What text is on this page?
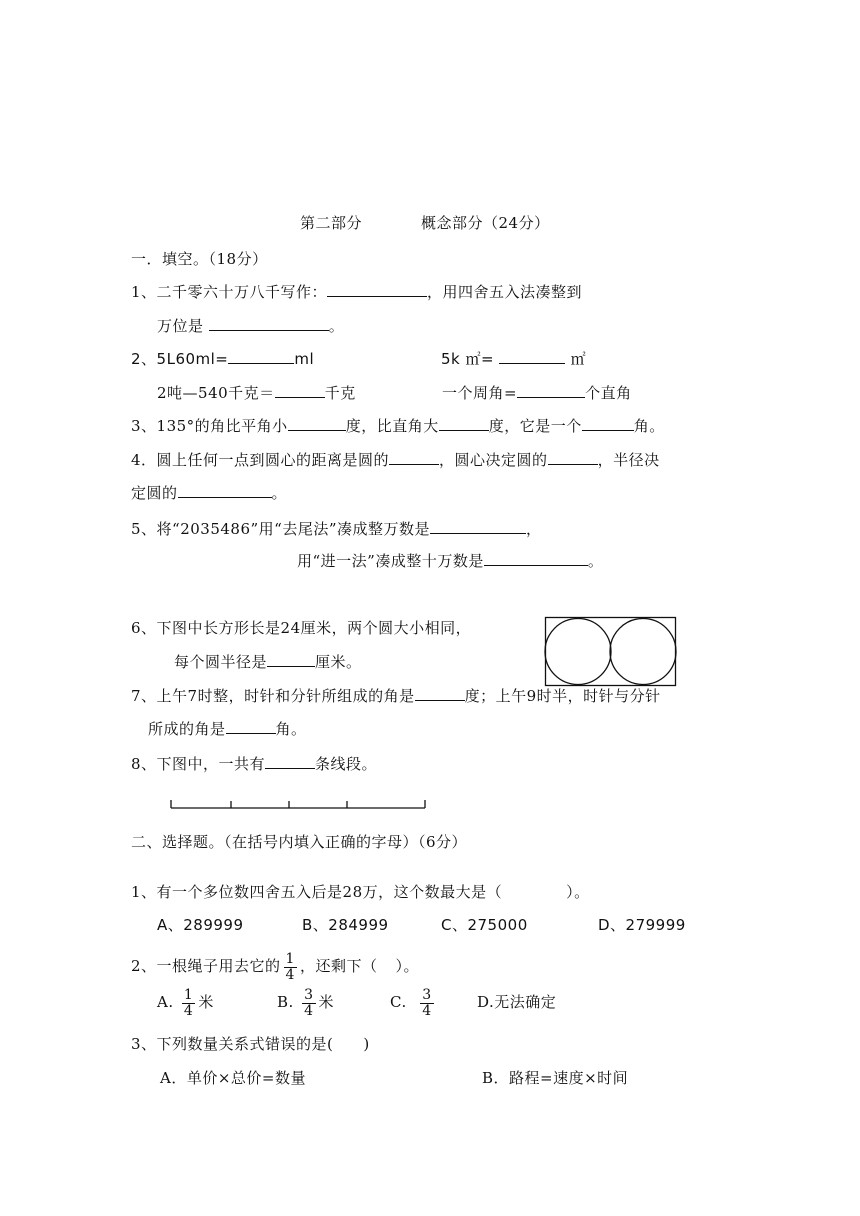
第二部分	概念部分（24分）
一．填空。（18分）
1、二千零六十万八千写作：	，用四舍五入法凑整到
万位是	。
2、5L60ml=	ml	5k ㎡=	㎡
2吨—540千克＝	千克	一个周角=	个直角
3、135°的角比平角小	度，比直角大	度，它是一个	角。
4．圆上任何一点到圆心的距离是圆的	，圆心决定圆的	，半径决
定圆的	。
5、将“2035486”用“去尾法”凑成整万数是	，
用“进一法”凑成整十万数是	。
6、下图中长方形长是24厘米，两个圆大小相同，
每个圆半径是	厘米。
7、上午7时整，时针和分针所组成的角是	度；上午9时半，时针与分针
所成的角是	角。
8、下图中，一共有	条线段。
二、选择题。（在括号内填入正确的字母）（6分）
1、有一个多位数四舍五入后是28万，这个数最大是（	）。
A、289999	B、284999	C、275000	D、279999
2、一根绳子用去它的 $\frac{1}{4}$ ，还剩下（ ）。
A. $\frac{1}{4}$ 米	B. $\frac{3}{4}$ 米	C. $\frac{3}{4}$	D.无法确定
3、下列数量关系式错误的是( )
A．单价×总价=数量	B．路程=速度×时间
